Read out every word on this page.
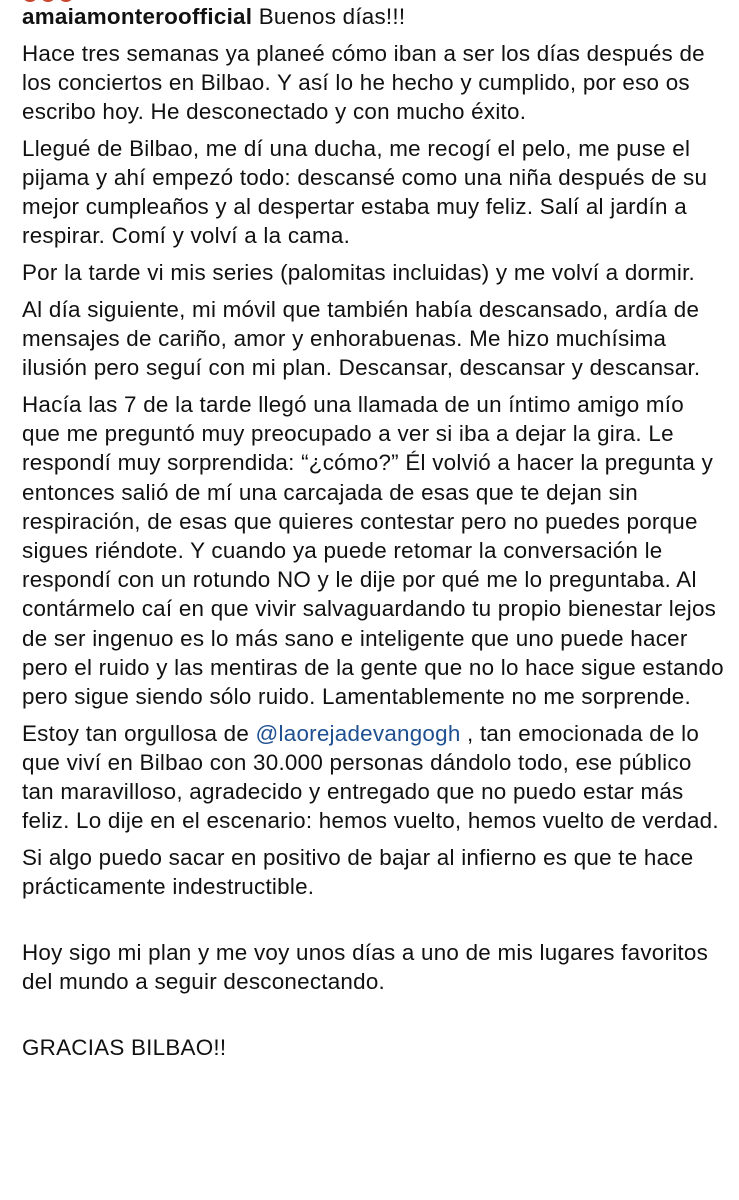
amaiamonteroofficial Buenos días!!!

Hace tres semanas ya planeé cómo iban a ser los días después de los conciertos en Bilbao. Y así lo he hecho y cumplido, por eso os escribo hoy. He desconectado y con mucho éxito.

Llegué de Bilbao, me dí una ducha, me recogí el pelo, me puse el pijama y ahí empezó todo: descansé como una niña después de su mejor cumpleaños y al despertar estaba muy feliz. Salí al jardín a respirar. Comí y volví a la cama.

Por la tarde vi mis series (palomitas incluidas) y me volví a dormir.

Al día siguiente, mi móvil que también había descansado, ardía de mensajes de cariño, amor y enhorabuenas. Me hizo muchísima ilusión pero seguí con mi plan. Descansar, descansar y descansar.

Hacía las 7 de la tarde llegó una llamada de un íntimo amigo mío que me preguntó muy preocupado a ver si iba a dejar la gira. Le respondí muy sorprendida: “¿cómo?” Él volvió a hacer la pregunta y entonces salió de mí una carcajada de esas que te dejan sin respiración, de esas que quieres contestar pero no puedes porque sigues riéndote. Y cuando ya puede retomar la conversación le respondí con un rotundo NO y le dije por qué me lo preguntaba. Al contármelo caí en que vivir salvaguardando tu propio bienestar lejos de ser ingenuo es lo más sano e inteligente que uno puede hacer pero el ruido y las mentiras de la gente que no lo hace sigue estando pero sigue siendo sólo ruido. Lamentablemente no me sorprende.

Estoy tan orgullosa de @laorejadevangogh , tan emocionada de lo que viví en Bilbao con 30.000 personas dándolo todo, ese público tan maravilloso, agradecido y entregado que no puedo estar más feliz. Lo dije en el escenario: hemos vuelto, hemos vuelto de verdad.

Si algo puedo sacar en positivo de bajar al infierno es que te hace prácticamente indestructible.

Hoy sigo mi plan y me voy unos días a uno de mis lugares favoritos del mundo a seguir desconectando.

GRACIAS BILBAO!!
